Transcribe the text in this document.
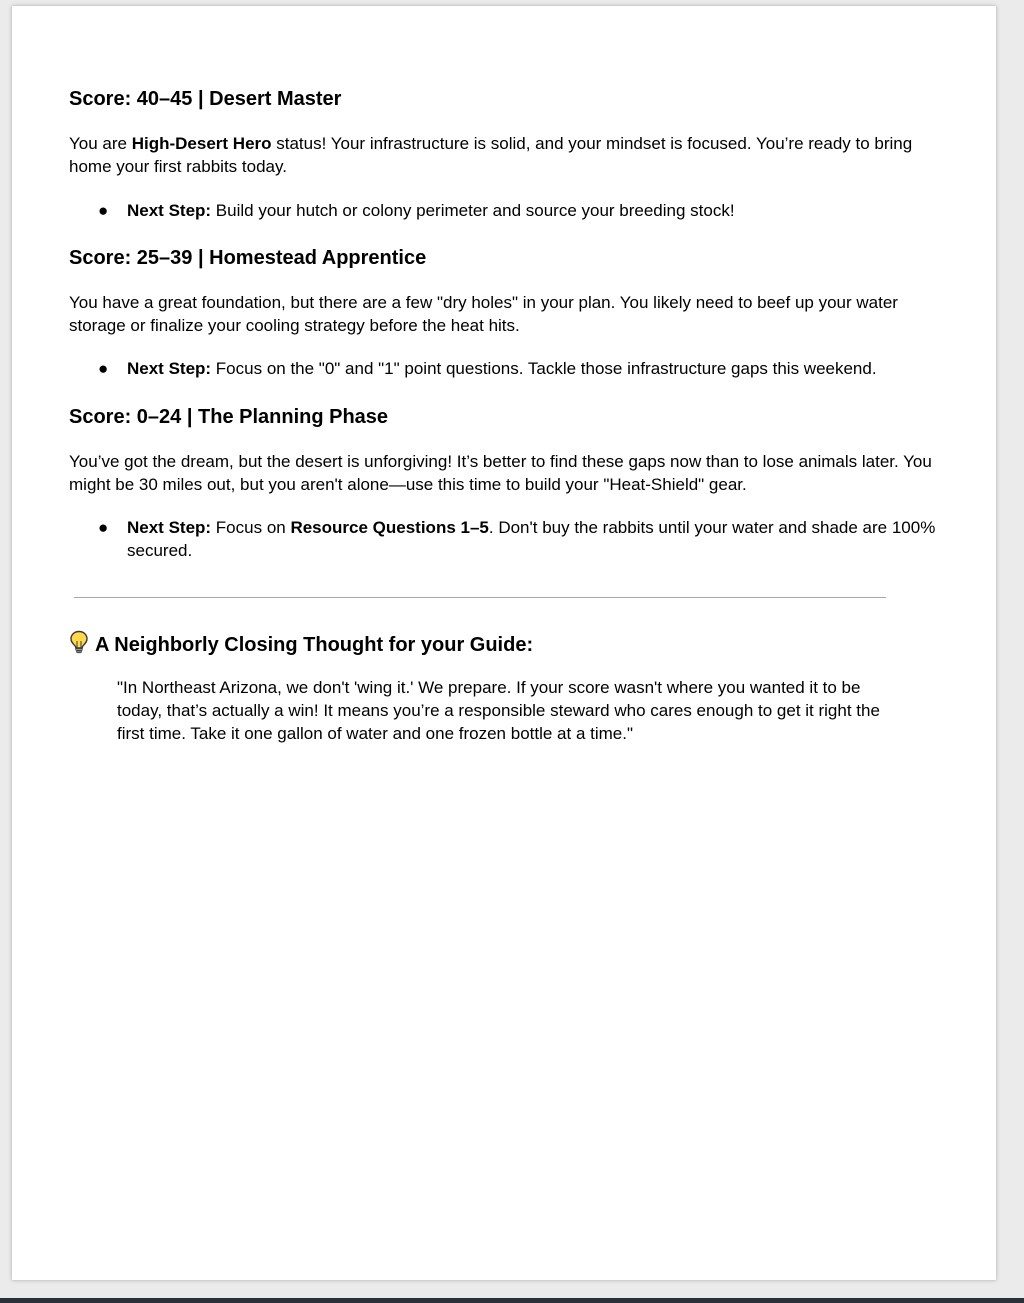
Score: 40–45 | Desert Master

You are High-Desert Hero status! Your infrastructure is solid, and your mindset is focused. You’re ready to bring home your first rabbits today.

● Next Step: Build your hutch or colony perimeter and source your breeding stock!

Score: 25–39 | Homestead Apprentice

You have a great foundation, but there are a few "dry holes" in your plan. You likely need to beef up your water storage or finalize your cooling strategy before the heat hits.

● Next Step: Focus on the "0" and "1" point questions. Tackle those infrastructure gaps this weekend.

Score: 0–24 | The Planning Phase

You’ve got the dream, but the desert is unforgiving! It’s better to find these gaps now than to lose animals later. You might be 30 miles out, but you aren't alone—use this time to build your "Heat-Shield" gear.

● Next Step: Focus on Resource Questions 1–5. Don't buy the rabbits until your water and shade are 100% secured.

A Neighborly Closing Thought for your Guide:

"In Northeast Arizona, we don't 'wing it.' We prepare. If your score wasn't where you wanted it to be today, that’s actually a win! It means you’re a responsible steward who cares enough to get it right the first time. Take it one gallon of water and one frozen bottle at a time."
